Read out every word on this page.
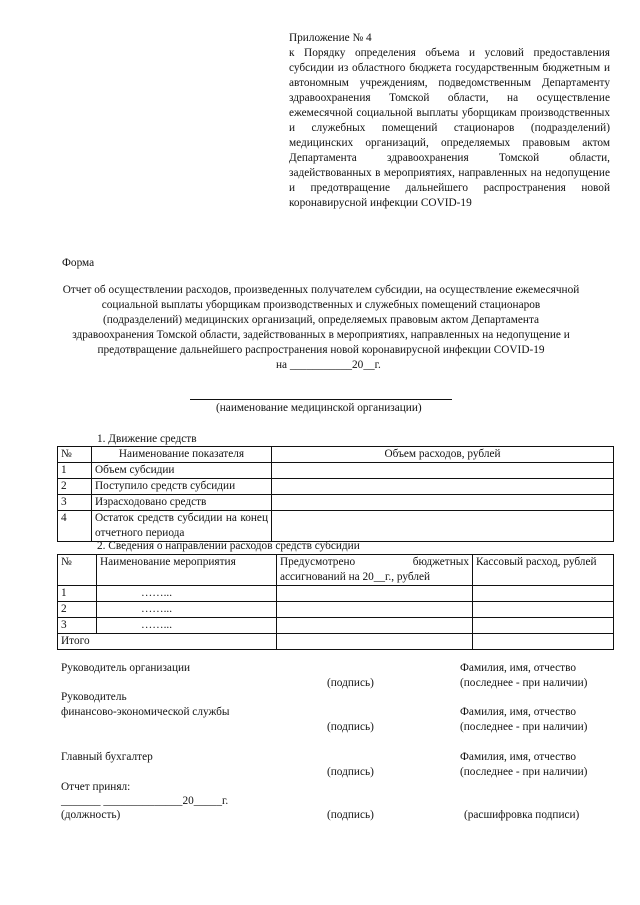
Приложение № 4
к Порядку определения объема и условий предоставления субсидии из областного бюджета государственным бюджетным и автономным учреждениям, подведомственным Департаменту здравоохранения Томской области, на осуществление ежемесячной социальной выплаты уборщикам производственных и служебных помещений стационаров (подразделений) медицинских организаций, определяемых правовым актом Департамента здравоохранения Томской области, задействованных в мероприятиях, направленных на недопущение и предотвращение дальнейшего распространения новой коронавирусной инфекции COVID-19
Форма
Отчет об осуществлении расходов, произведенных получателем субсидии, на осуществление ежемесячной социальной выплаты уборщикам производственных и служебных помещений стационаров (подразделений) медицинских организаций, определяемых правовым актом Департамента здравоохранения Томской области, задействованных в мероприятиях, направленных на недопущение и предотвращение дальнейшего распространения новой коронавирусной инфекции COVID-19
на ___________20__г.
(наименование медицинской организации)
1. Движение средств
№	Наименование показателя	Объем расходов, рублей
1	Объем субсидии	
2	Поступило средств субсидии	
3	Израсходовано средств	
4	Остаток средств субсидии на конец отчетного периода	
2. Сведения о направлении расходов средств субсидии
№	Наименование мероприятия	Предусмотрено бюджетных ассигнований на 20__г., рублей	Кассовый расход, рублей
1	……...		
2	……...		
3	……...		
Итого			
Руководитель организации	Фамилия, имя, отчество
(подпись)	(последнее - при наличии)
Руководитель
финансово-экономической службы	Фамилия, имя, отчество
(подпись)	(последнее - при наличии)
Главный бухгалтер	Фамилия, имя, отчество
(подпись)	(последнее - при наличии)
Отчет принял:
_______ ______________20_____г.
(должность)	(подпись)	(расшифровка подписи)
